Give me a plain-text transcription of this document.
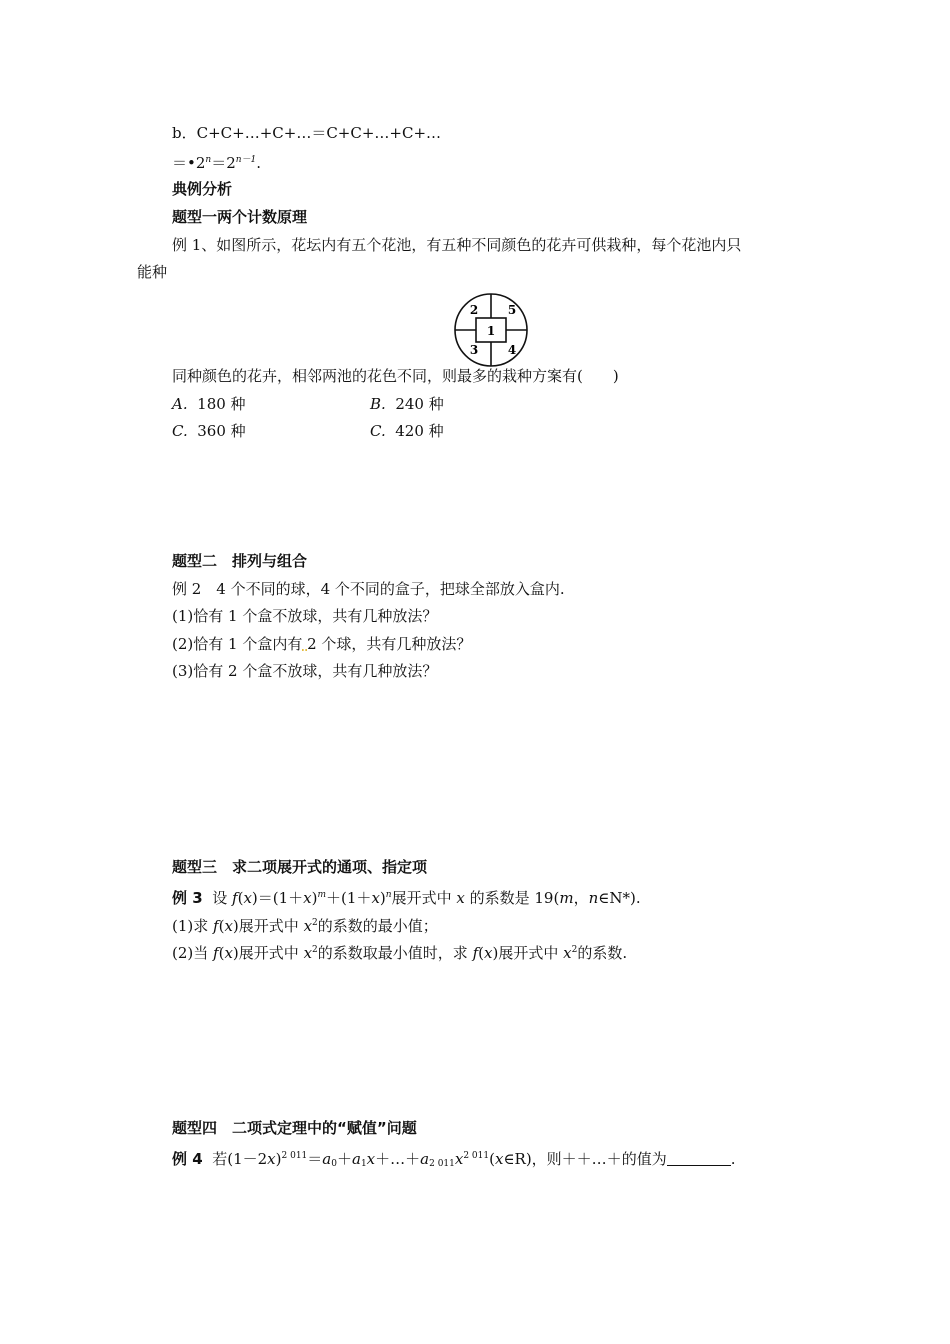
b．C+C+…+C+…＝C+C+…+C+…
$=•2^n=2^{n-1}$.
典例分析
题型一两个计数原理
例 1、如图所示，花坛内有五个花池，有五种不同颜色的花卉可供栽种，每个花池内只
能种
1
2
3 4
5
同种颜色的花卉，相邻两池的花色不同，则最多的栽种方案有(　　)
A. 180 种	B. 240 种
C. 360 种	C. 420 种
题型二　排列与组合
例 2　4 个不同的球，4 个不同的盒子，把球全部放入盒内.
(1)恰有 1 个盒不放球，共有几种放法？
(2)恰有 1 个盒内有 2 个球，共有几种放法？
(3)恰有 2 个盒不放球，共有几种放法？
题型三　求二项展开式的通项、指定项
例 3 设 $f(x)=(1+x)^m+(1+x)^n$展开式中 x 的系数是 19(m，n∈N*).
(1)求 f(x)展开式中 $x^2$的系数的最小值；
(2)当 f(x)展开式中 $x^2$的系数取最小值时，求 f(x)展开式中 $x^2$的系数.
题型四　二项式定理中的“赋值”问题
例 4 若$(1-2x)^{2 011}=a_0+a_1x+\dots+a_{2 011}x^{2 011}(x\in R)$，则＋＋…＋的值为	.
